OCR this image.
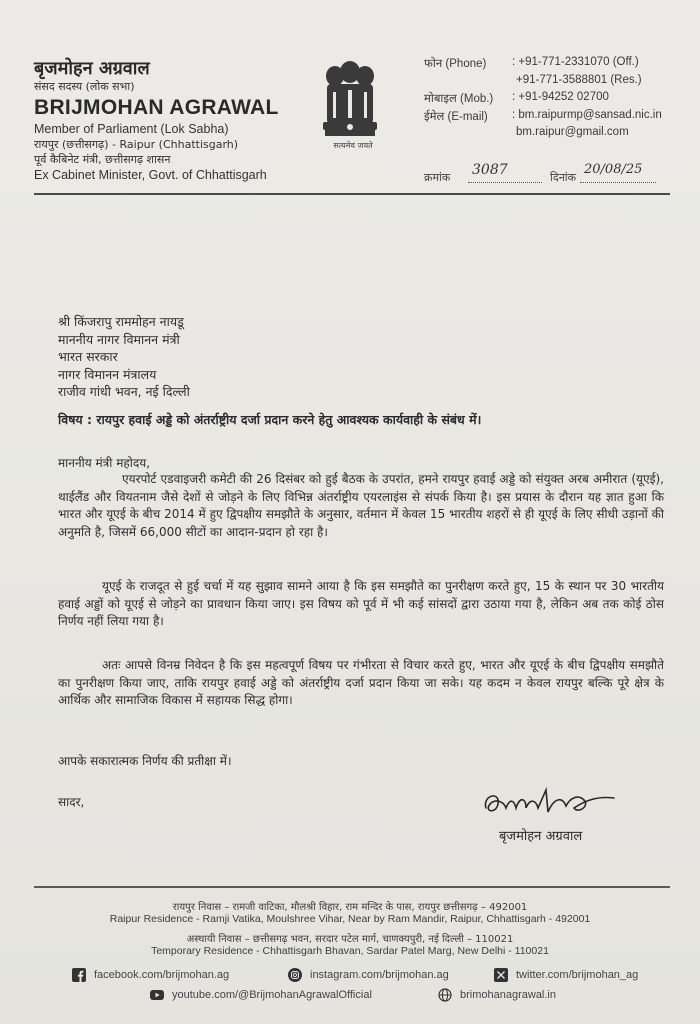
बृजमोहन अग्रवाल
संसद सदस्य (लोक सभा)
BRIJMOHAN AGRAWAL
Member of Parliament (Lok Sabha)
रायपुर (छत्तीसगढ़) - Raipur (Chhattisgarh)
पूर्व कैबिनेट मंत्री, छत्तीसगढ़ शासन
Ex Cabinet Minister, Govt. of Chhattisgarh
सत्यमेव जयते
फोन (Phone) : +91-771-2331070 (Off.)
+91-771-3588801 (Res.)
मोबाइल (Mob.) : +91-94252 02700
ईमेल (E-mail) : bm.raipurmp@sansad.nic.in
bm.raipur@gmail.com
क्रमांक 3087	दिनांक
20/08/25
श्री किंजरापु राममोहन नायडू
माननीय नागर विमानन मंत्री
भारत सरकार
नागर विमानन मंत्रालय
राजीव गांधी भवन, नई दिल्ली
विषय : रायपुर हवाई अड्डे को अंतर्राष्ट्रीय दर्जा प्रदान करने हेतु आवश्यक कार्यवाही के संबंध में।
माननीय मंत्री महोदय,
एयरपोर्ट एडवाइजरी कमेटी की 26 दिसंबर को हुई बैठक के उपरांत, हमने रायपुर हवाई अड्डे को संयुक्त अरब अमीरात (यूएई), थाईलैंड और वियतनाम जैसे देशों से जोड़ने के लिए विभिन्न अंतर्राष्ट्रीय एयरलाइंस से संपर्क किया है। इस प्रयास के दौरान यह ज्ञात हुआ कि भारत और यूएई के बीच 2014 में हुए द्विपक्षीय समझौते के अनुसार, वर्तमान में केवल 15 भारतीय शहरों से ही यूएई के लिए सीधी उड़ानों की अनुमति है, जिसमें 66,000 सीटों का आदान-प्रदान हो रहा है।
यूएई के राजदूत से हुई चर्चा में यह सुझाव सामने आया है कि इस समझौते का पुनरीक्षण करते हुए, 15 के स्थान पर 30 भारतीय हवाई अड्डों को यूएई से जोड़ने का प्रावधान किया जाए। इस विषय को पूर्व में भी कई सांसदों द्वारा उठाया गया है, लेकिन अब तक कोई ठोस निर्णय नहीं लिया गया है।
अतः आपसे विनम्र निवेदन है कि इस महत्वपूर्ण विषय पर गंभीरता से विचार करते हुए, भारत और यूएई के बीच द्विपक्षीय समझौते का पुनरीक्षण किया जाए, ताकि रायपुर हवाई अड्डे को अंतर्राष्ट्रीय दर्जा प्रदान किया जा सके। यह कदम न केवल रायपुर बल्कि पूरे क्षेत्र के आर्थिक और सामाजिक विकास में सहायक सिद्ध होगा।
आपके सकारात्मक निर्णय की प्रतीक्षा में।
सादर,
बृजमोहन अग्रवाल
रायपुर निवास – रामजी वाटिका, मौलश्री विहार, राम मन्दिर के पास, रायपुर छत्तीसगढ़ – 492001
Raipur Residence - Ramji Vatika, Moulshree Vihar, Near by Ram Mandir, Raipur, Chhattisgarh - 492001
अस्थायी निवास – छत्तीसगढ़ भवन, सरदार पटेल मार्ग, चाणक्यपुरी, नई दिल्ली – 110021
Temporary Residence - Chhattisgarh Bhavan, Sardar Patel Marg, New Delhi - 110021
facebook.com/brijmohan.ag	instagram.com/brijmohan.ag	twitter.com/brijmohan_ag
youtube.com/@BrijmohanAgrawalOfficial	brimohanagrawal.in
